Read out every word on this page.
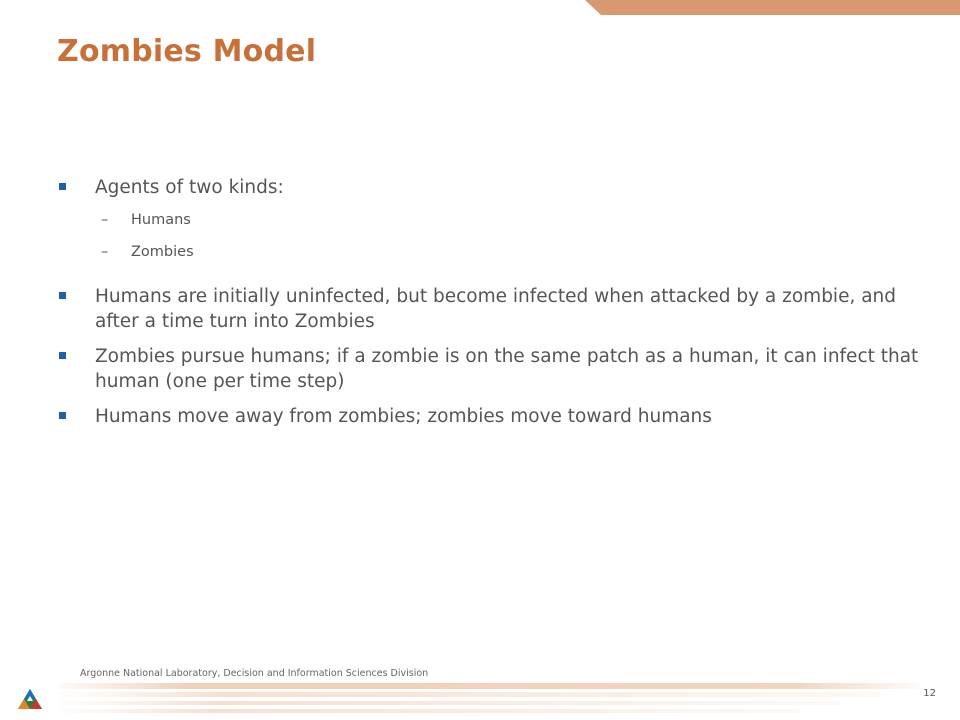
Zombies Model
Agents of two kinds:
– Humans
– Zombies
Humans are initially uninfected, but become infected when attacked by a zombie, and after a time turn into Zombies
Zombies pursue humans; if a zombie is on the same patch as a human, it can infect that human (one per time step)
Humans move away from zombies; zombies move toward humans
Argonne National Laboratory, Decision and Information Sciences Division
12
